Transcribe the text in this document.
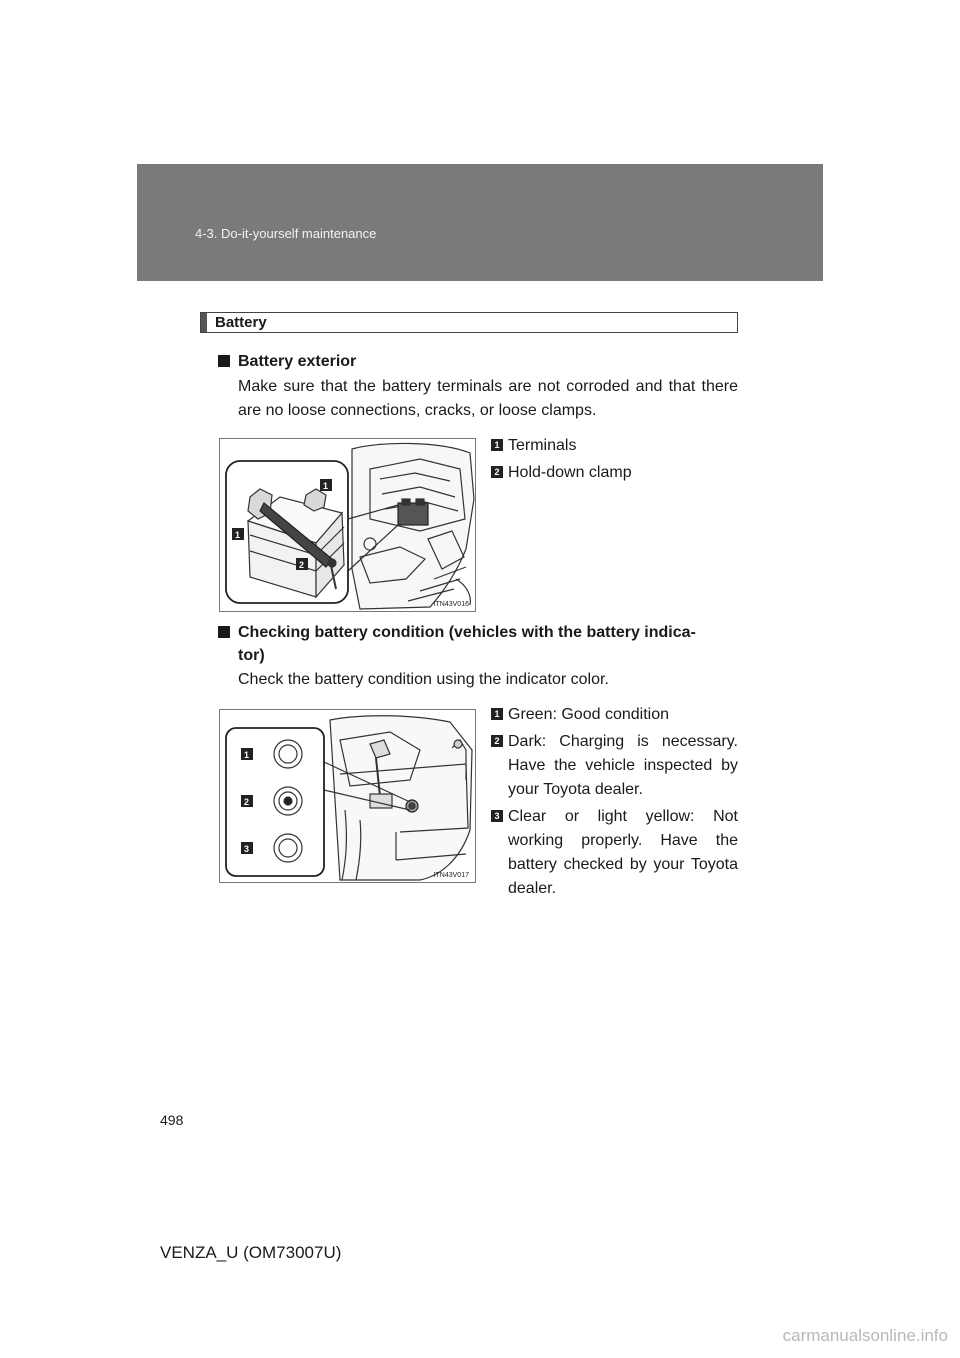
4-3. Do-it-yourself maintenance
Battery
Battery exterior
Make sure that the battery terminals are not corroded and that there are no loose connections, cracks, or loose clamps.
1
1
2
ITN43V016
1 Terminals
2 Hold-down clamp
Checking battery condition (vehicles with the battery indica-
tor)
Check the battery condition using the indicator color.
1
2
3
ITN43V017
1 Green: Good condition
2 Dark: Charging is necessary. Have the vehicle inspected by your Toyota dealer.
3 Clear or light yellow: Not working properly. Have the battery checked by your Toyota dealer.
498
VENZA_U (OM73007U)
carmanualsonline.info
